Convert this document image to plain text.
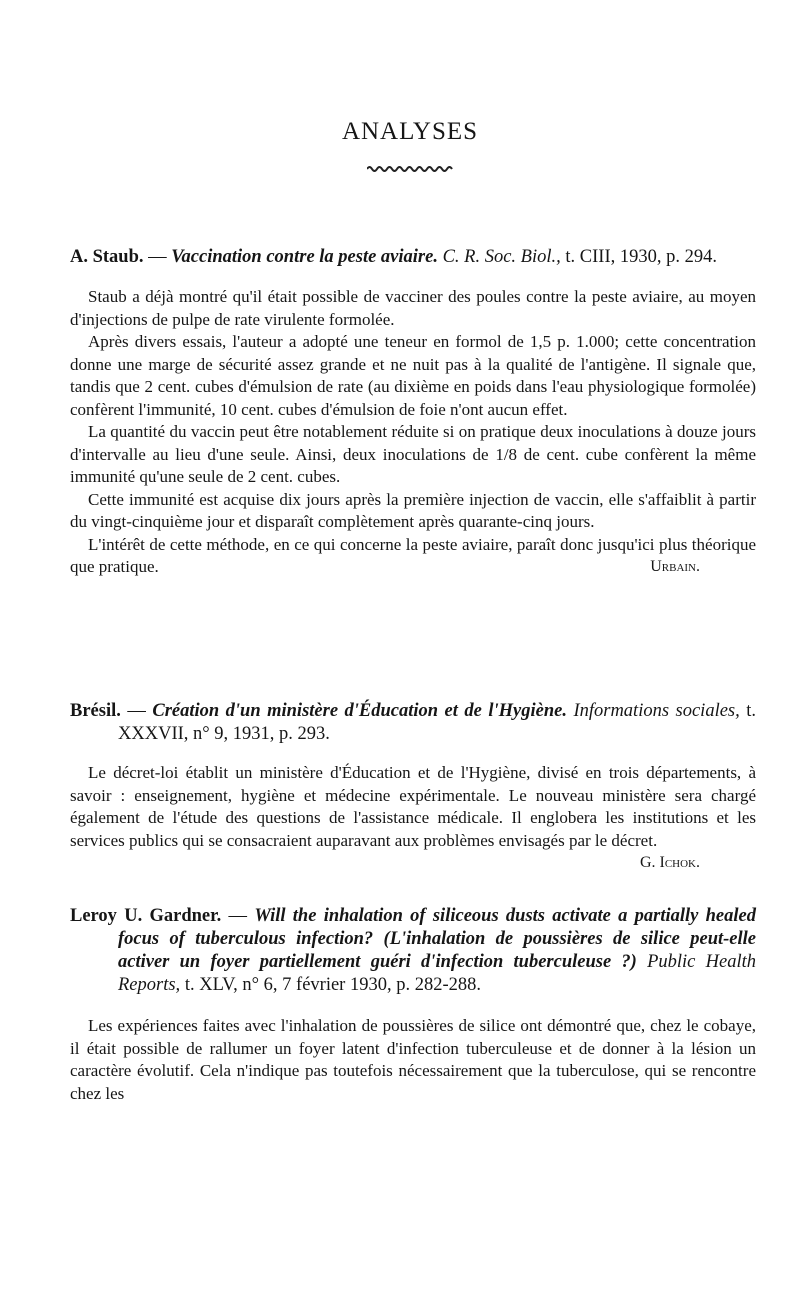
ANALYSES

A. Staub. — Vaccination contre la peste aviaire. C. R. Soc. Biol., t. CIII, 1930, p. 294.

Staub a déjà montré qu'il était possible de vacciner des poules contre la peste aviaire, au moyen d'injections de pulpe de rate virulente formolée.

Après divers essais, l'auteur a adopté une teneur en formol de 1,5 p. 1.000; cette concentration donne une marge de sécurité assez grande et ne nuit pas à la qualité de l'antigène. Il signale que, tandis que 2 cent. cubes d'émulsion de rate (au dixième en poids dans l'eau physiologique formolée) confèrent l'immunité, 10 cent. cubes d'émulsion de foie n'ont aucun effet.

La quantité du vaccin peut être notablement réduite si on pratique deux inoculations à douze jours d'intervalle au lieu d'une seule. Ainsi, deux inoculations de 1/8 de cent. cube confèrent la même immunité qu'une seule de 2 cent. cubes.

Cette immunité est acquise dix jours après la première injection de vaccin, elle s'affaiblit à partir du vingt-cinquième jour et disparaît complètement après quarante-cinq jours.

L'intérêt de cette méthode, en ce qui concerne la peste aviaire, paraît donc jusqu'ici plus théorique que pratique.	Urbain.

Brésil. — Création d'un ministère d'Éducation et de l'Hygiène. Informations sociales, t. XXXVII, n° 9, 1931, p. 293.

Le décret-loi établit un ministère d'Éducation et de l'Hygiène, divisé en trois départements, à savoir : enseignement, hygiène et médecine expérimentale. Le nouveau ministère sera chargé également de l'étude des questions de l'assistance médicale. Il englobera les institutions et les services publics qui se consacraient auparavant aux problèmes envisagés par le décret.
G. Ichok.

Leroy U. Gardner. — Will the inhalation of siliceous dusts activate a partially healed focus of tuberculous infection? (L'inhalation de poussières de silice peut-elle activer un foyer partiellement guéri d'infection tuberculeuse ?) Public Health Reports, t. XLV, n° 6, 7 février 1930, p. 282-288.

Les expériences faites avec l'inhalation de poussières de silice ont démontré que, chez le cobaye, il était possible de rallumer un foyer latent d'infection tuberculeuse et de donner à la lésion un caractère évolutif. Cela n'indique pas toutefois nécessairement que la tuberculose, qui se rencontre chez les
